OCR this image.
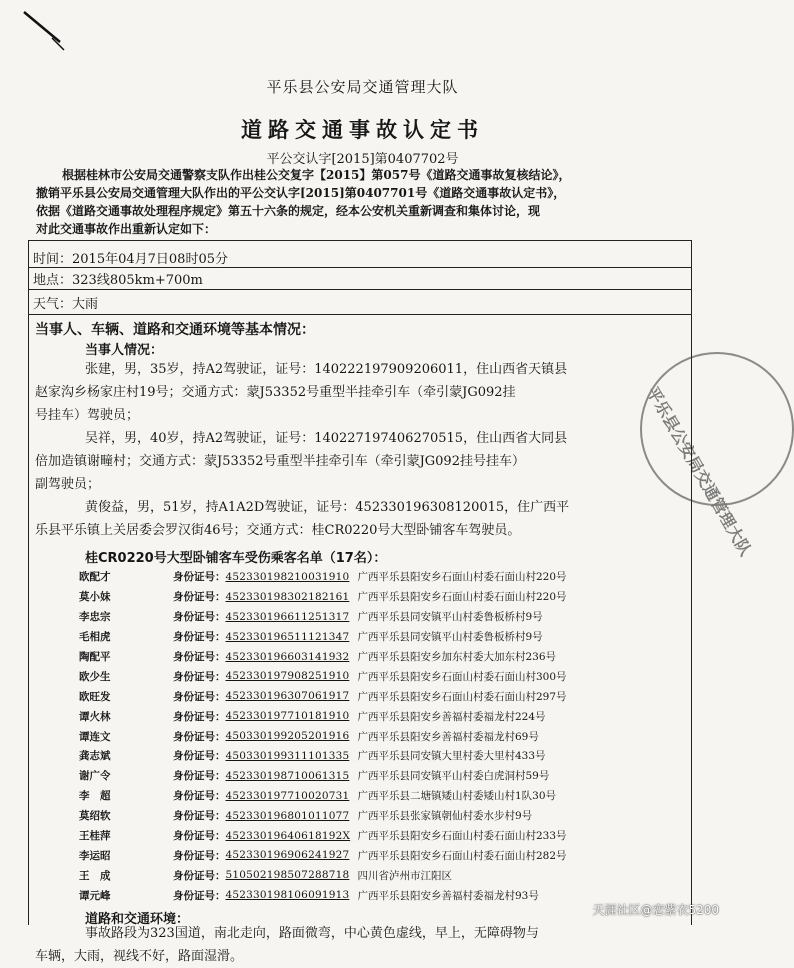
平乐县公安局交通管理大队
道路交通事故认定书
平公交认字[2015]第0407702号

根据桂林市公安局交通警察支队作出桂公交复字【2015】第057号《道路交通事故复核结论》，

撤销平乐县公安局交通管理大队作出的平公交认字[2015]第0407701号《道路交通事故认定书》，

依据《道路交通事故处理程序规定》第五十六条的规定，经本公安机关重新调查和集体讨论，现

对此交通事故作出重新认定如下：

时间：2015年04月7日08时05分
地点：323线805km+700m
天气：大雨
当事人、车辆、道路和交通环境等基本情况：
当事人情况：

张建，男，35岁，持A2驾驶证，证号：140222197909206011，住山西省天镇县

赵家沟乡杨家庄村19号；交通方式：蒙J53352号重型半挂牵引车（牵引蒙JG092挂

号挂车）驾驶员；

吴祥，男，40岁，持A2驾驶证，证号：140227197406270515，住山西省大同县

倍加造镇谢疃村；交通方式：蒙J53352号重型半挂牵引车（牵引蒙JG092挂号挂车）

副驾驶员；

黄俊益，男，51岁，持A1A2D驾驶证，证号：452330196308120015，住广西平

乐县平乐镇上关居委会罗汉街46号；交通方式：桂CR0220号大型卧铺客车驾驶员。

桂CR0220号大型卧铺客车受伤乘客名单（17名）：
欧配才	身份证号： 452330198210031910 广西平乐县阳安乡石面山村委石面山村220号
莫小妹	身份证号： 452330198302182161 广西平乐县阳安乡石面山村委石面山村220号
李忠宗	身份证号： 452330196611251317 广西平乐县同安镇平山村委鲁板桥村9号
毛相虎	身份证号： 452330196511121347 广西平乐县同安镇平山村委鲁板桥村9号
陶配平	身份证号： 452330196603141932 广西平乐县阳安乡加东村委大加东村236号
欧少生	身份证号： 452330197908251910 广西平乐县阳安乡石面山村委石面山村300号
欧旺发	身份证号： 452330196307061917 广西平乐县阳安乡石面山村委石面山村297号
谭火林	身份证号： 452330197710181910 广西平乐县阳安乡善福村委福龙村224号
谭连文	身份证号： 450330199205201916 广西平乐县阳安乡善福村委福龙村69号
龚志斌	身份证号： 450330199311101335 广西平乐县同安镇大里村委大里村433号
谢广令	身份证号： 452330198710061315 广西平乐县同安镇平山村委白虎洞村59号
李　超	身份证号： 452330197710020731 广西平乐县二塘镇矮山村委矮山村1队30号
莫绍软	身份证号： 452330196801011077 广西平乐县张家镇朝仙村委水步村9号
王桂萍	身份证号： 45233019640618192X 广西平乐县阳安乡石面山村委石面山村233号
李运昭	身份证号： 452330196906241927 广西平乐县阳安乡石面山村委石面山村282号
王　成	身份证号： 510502198507288718 四川省泸州市江阳区
谭元峰	身份证号： 452330198106091913 广西平乐县阳安乡善福村委福龙村93号
道路和交通环境：

事故路段为323国道，南北走向，路面微弯，中心黄色虚线，早上，无障碍物与

车辆，大雨，视线不好，路面湿滑。

平乐县公安局交通管理大队
天涯社区@恋紫衣5200
